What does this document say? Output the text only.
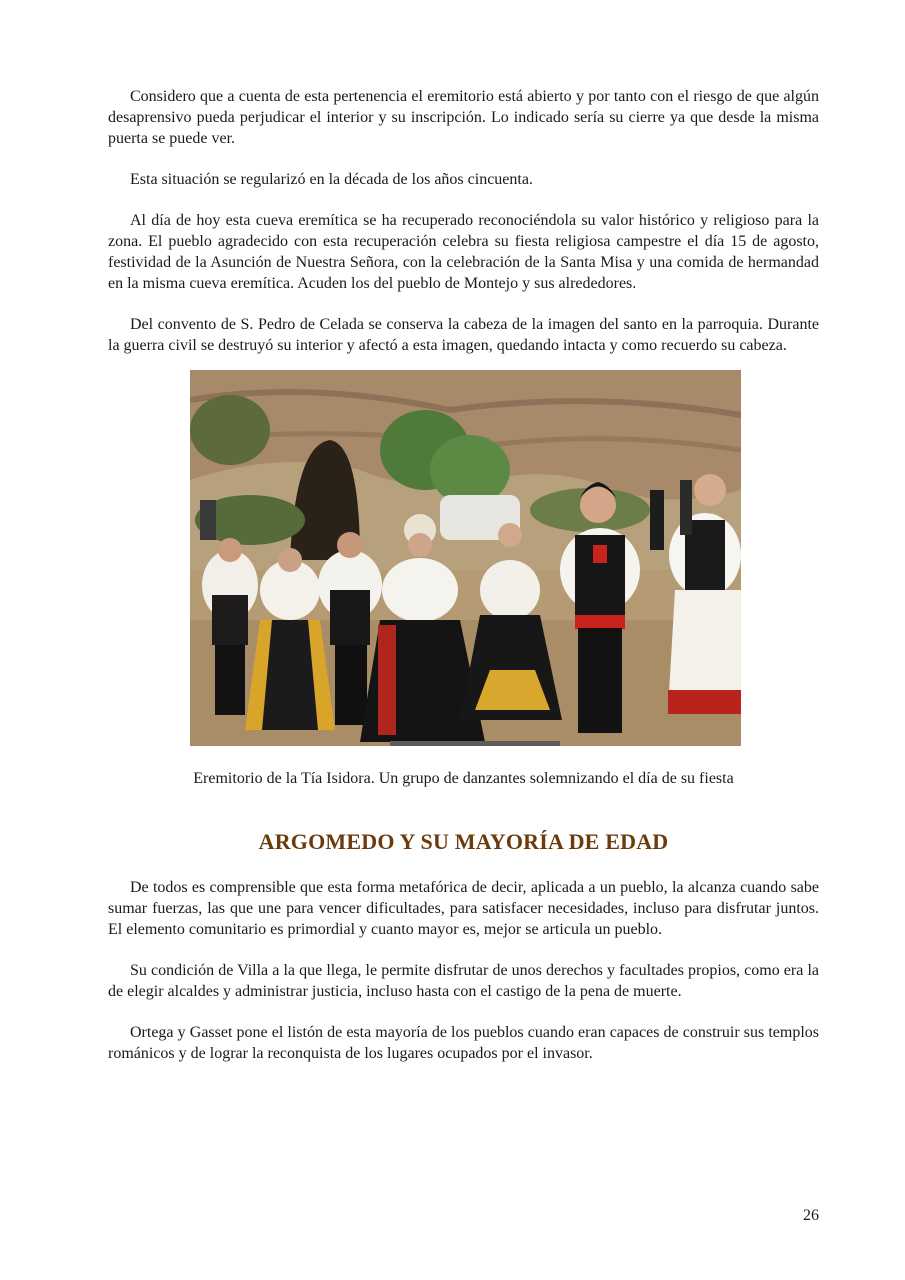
Considero que a cuenta de esta pertenencia el eremitorio está abierto y por tanto con el riesgo de que algún desaprensivo pueda perjudicar el interior y su inscripción. Lo indicado sería su cierre ya que desde la misma puerta se puede ver.

Esta situación se regularizó en la década de los años cincuenta.

Al día de hoy esta cueva eremítica se ha recuperado reconociéndola su valor histórico y religioso para la zona. El pueblo agradecido con esta recuperación celebra su fiesta religiosa campestre el día 15 de agosto, festividad de la Asunción de Nuestra Señora, con la celebración de la Santa Misa y una comida de hermandad en la misma cueva eremítica. Acuden los del pueblo de Montejo y sus alrededores.

Del convento de S. Pedro de Celada se conserva la cabeza de la imagen del santo en la parroquia. Durante la guerra civil se destruyó su interior y afectó a esta imagen, quedando intacta y como recuerdo su cabeza.

Eremitorio de la Tía Isidora. Un grupo de danzantes solemnizando el día de su fiesta

ARGOMEDO Y SU MAYORÍA DE EDAD

De todos es comprensible que esta forma metafórica de decir, aplicada a un pueblo, la alcanza cuando sabe sumar fuerzas, las que une para vencer dificultades, para satisfacer necesidades, incluso para disfrutar juntos. El elemento comunitario es primordial y cuanto mayor es, mejor se articula un pueblo.

Su condición de Villa a la que llega, le permite disfrutar de unos derechos y facultades propios, como era la de elegir alcaldes y administrar justicia, incluso hasta con el castigo de la pena de muerte.

Ortega y Gasset pone el listón de esta mayoría de los pueblos cuando eran capaces de construir sus templos románicos y de lograr la reconquista de los lugares ocupados por el invasor.

26
